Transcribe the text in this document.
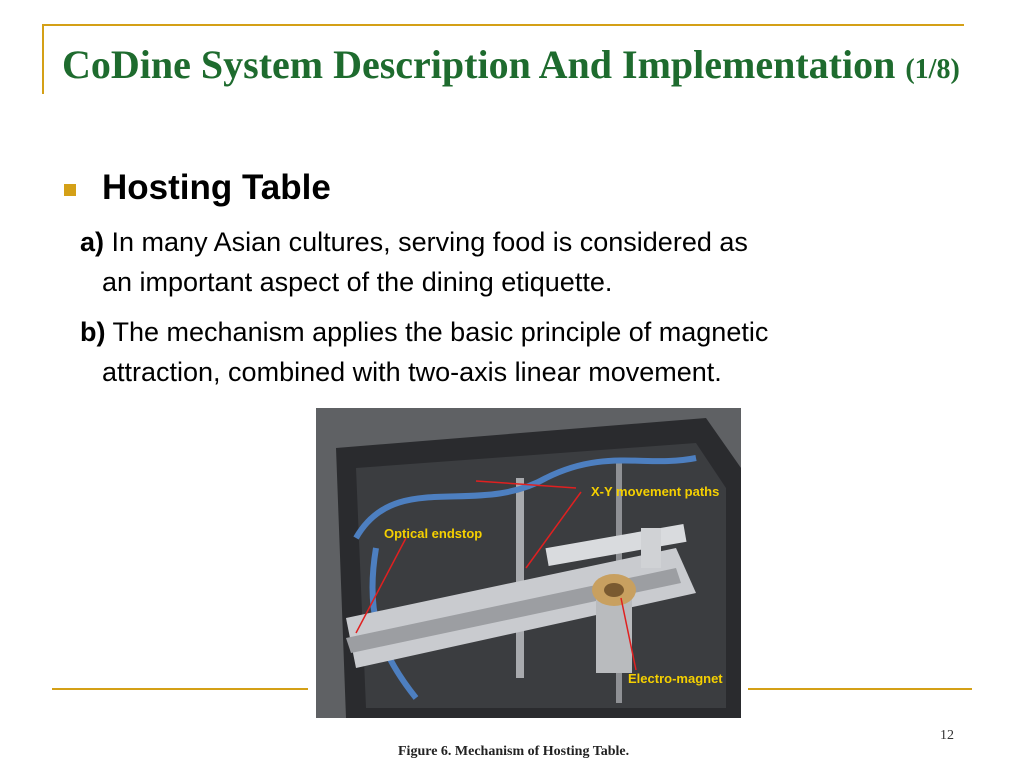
CoDine System Description And Implementation (1/8)
Hosting Table
a) In many Asian cultures, serving food is considered as
an important aspect of the dining etiquette.
b) The mechanism applies the basic principle of magnetic
attraction, combined with two-axis linear movement.
X-Y movement paths
Optical endstop
Electro-magnet
12
Figure 6. Mechanism of Hosting Table.
